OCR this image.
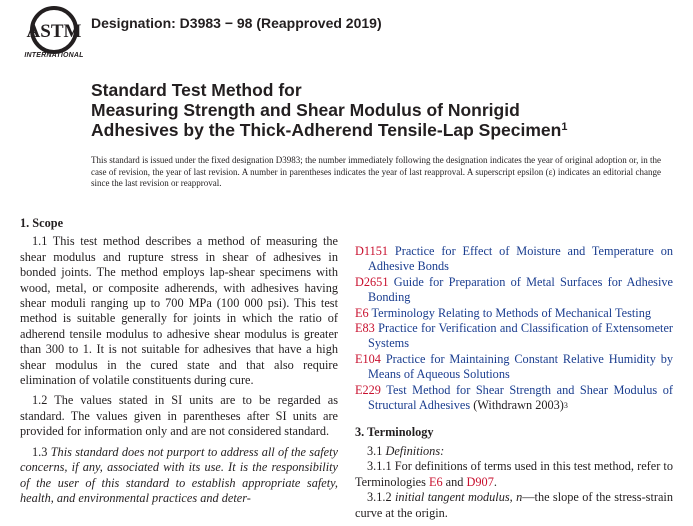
ASTM
INTERNATIONAL
Designation: D3983 − 98 (Reapproved 2019)
Standard Test Method for
Measuring Strength and Shear Modulus of Nonrigid
Adhesives by the Thick-Adherend Tensile-Lap Specimen$^1$
This standard is issued under the fixed designation D3983; the number immediately following the designation indicates the year of original adoption or, in the case of revision, the year of last revision. A number in parentheses indicates the year of last reapproval. A superscript epsilon (ε) indicates an editorial change since the last revision or reapproval.
1. Scope

1.1 This test method describes a method of measuring the shear modulus and rupture stress in shear of adhesives in bonded joints. The method employs lap-shear specimens with wood, metal, or composite adherends, with adhesives having shear moduli ranging up to 700 MPa (100 000 psi). This test method is suitable generally for joints in which the ratio of adherend tensile modulus to adhesive shear modulus is greater than 300 to 1. It is not suitable for adhesives that have a high shear modulus in the cured state and that also require elimination of volatile constituents during cure.

1.2 The values stated in SI units are to be regarded as standard. The values given in parentheses after SI units are provided for information only and are not considered standard.

1.3 This standard does not purport to address all of the safety concerns, if any, associated with its use. It is the responsibility of the user of this standard to establish appropriate safety, health, and environmental practices and deter-

D1151 Practice for Effect of Moisture and Temperature on Adhesive Bonds

D2651 Guide for Preparation of Metal Surfaces for Adhesive Bonding

E6 Terminology Relating to Methods of Mechanical Testing

E83 Practice for Verification and Classification of Extensometer Systems

E104 Practice for Maintaining Constant Relative Humidity by Means of Aqueous Solutions

E229 Test Method for Shear Strength and Shear Modulus of Structural Adhesives (Withdrawn 2003)$^3$

3. Terminology

3.1 Definitions:

3.1.1 For definitions of terms used in this test method, refer to Terminologies E6 and D907.

3.1.2 initial tangent modulus, n—the slope of the stress-strain curve at the origin.
